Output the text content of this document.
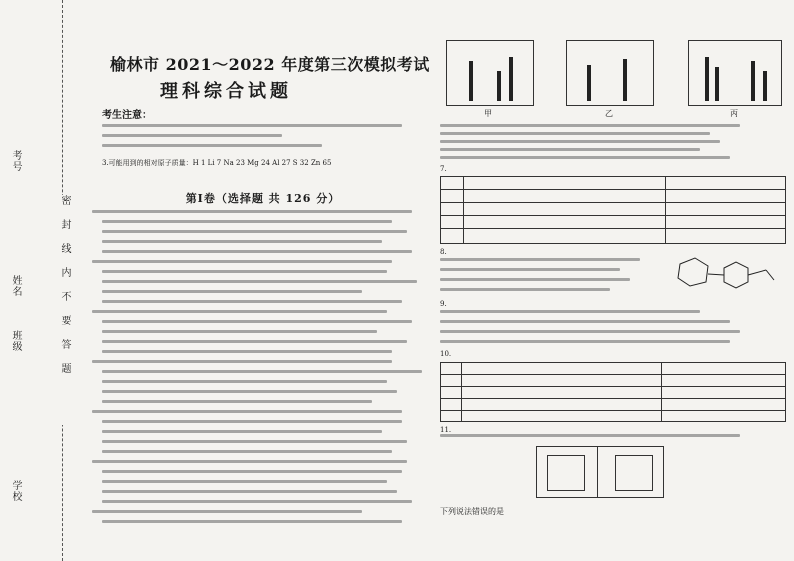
考号
姓名
班级
学校
密封线内不要答题
榆林市 2021～2022 年度第三次模拟考试
理科综合试题
考生注意：
3.可能用到的相对原子质量：H 1 Li 7 Na 23 Mg 24 Al 27 S 32 Zn 65
第Ⅰ卷（选择题 共 126 分）
甲	乙	丙
7.
8.
9.
10.
11.
下列说法错误的是
